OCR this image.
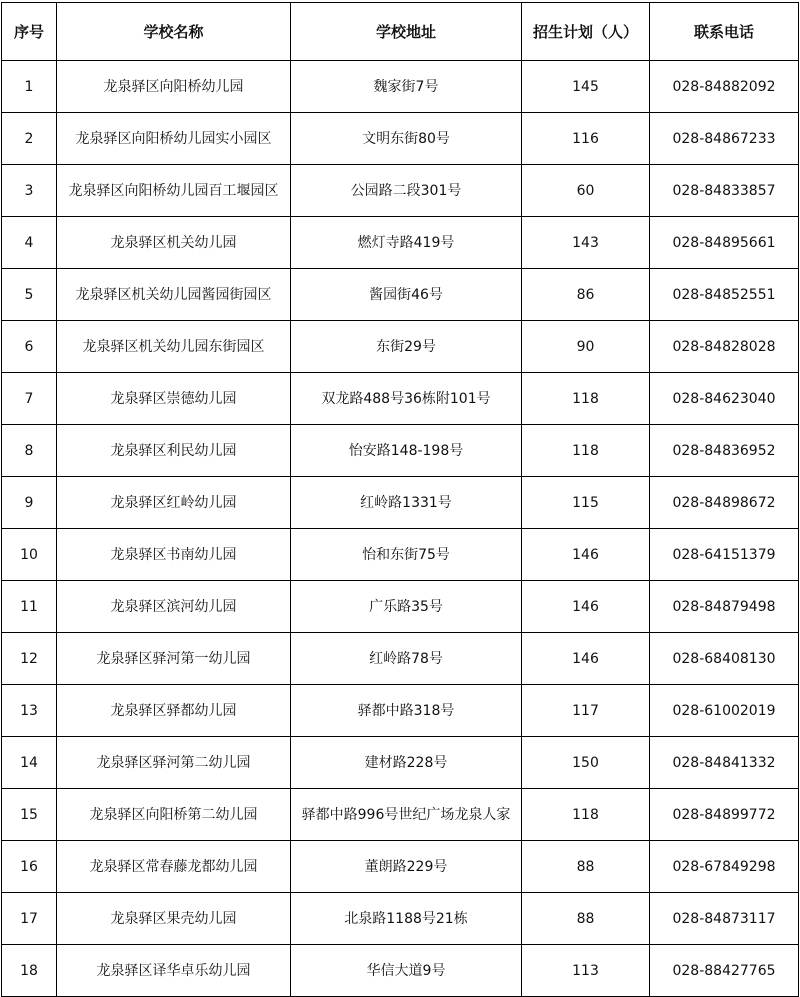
序号	学校名称	学校地址	招生计划（人）	联系电话
1	龙泉驿区向阳桥幼儿园	魏家街7号	145	028-84882092
2	龙泉驿区向阳桥幼儿园实小园区	文明东街80号	116	028-84867233
3	龙泉驿区向阳桥幼儿园百工堰园区	公园路二段301号	60	028-84833857
4	龙泉驿区机关幼儿园	燃灯寺路419号	143	028-84895661
5	龙泉驿区机关幼儿园酱园街园区	酱园街46号	86	028-84852551
6	龙泉驿区机关幼儿园东街园区	东街29号	90	028-84828028
7	龙泉驿区崇德幼儿园	双龙路488号36栋附101号	118	028-84623040
8	龙泉驿区利民幼儿园	怡安路148-198号	118	028-84836952
9	龙泉驿区红岭幼儿园	红岭路1331号	115	028-84898672
10	龙泉驿区书南幼儿园	怡和东街75号	146	028-64151379
11	龙泉驿区滨河幼儿园	广乐路35号	146	028-84879498
12	龙泉驿区驿河第一幼儿园	红岭路78号	146	028-68408130
13	龙泉驿区驿都幼儿园	驿都中路318号	117	028-61002019
14	龙泉驿区驿河第二幼儿园	建材路228号	150	028-84841332
15	龙泉驿区向阳桥第二幼儿园	驿都中路996号世纪广场龙泉人家	118	028-84899772
16	龙泉驿区常春藤龙都幼儿园	董朗路229号	88	028-67849298
17	龙泉驿区果壳幼儿园	北泉路1188号21栋	88	028-84873117
18	龙泉驿区译华卓乐幼儿园	华信大道9号	113	028-88427765
